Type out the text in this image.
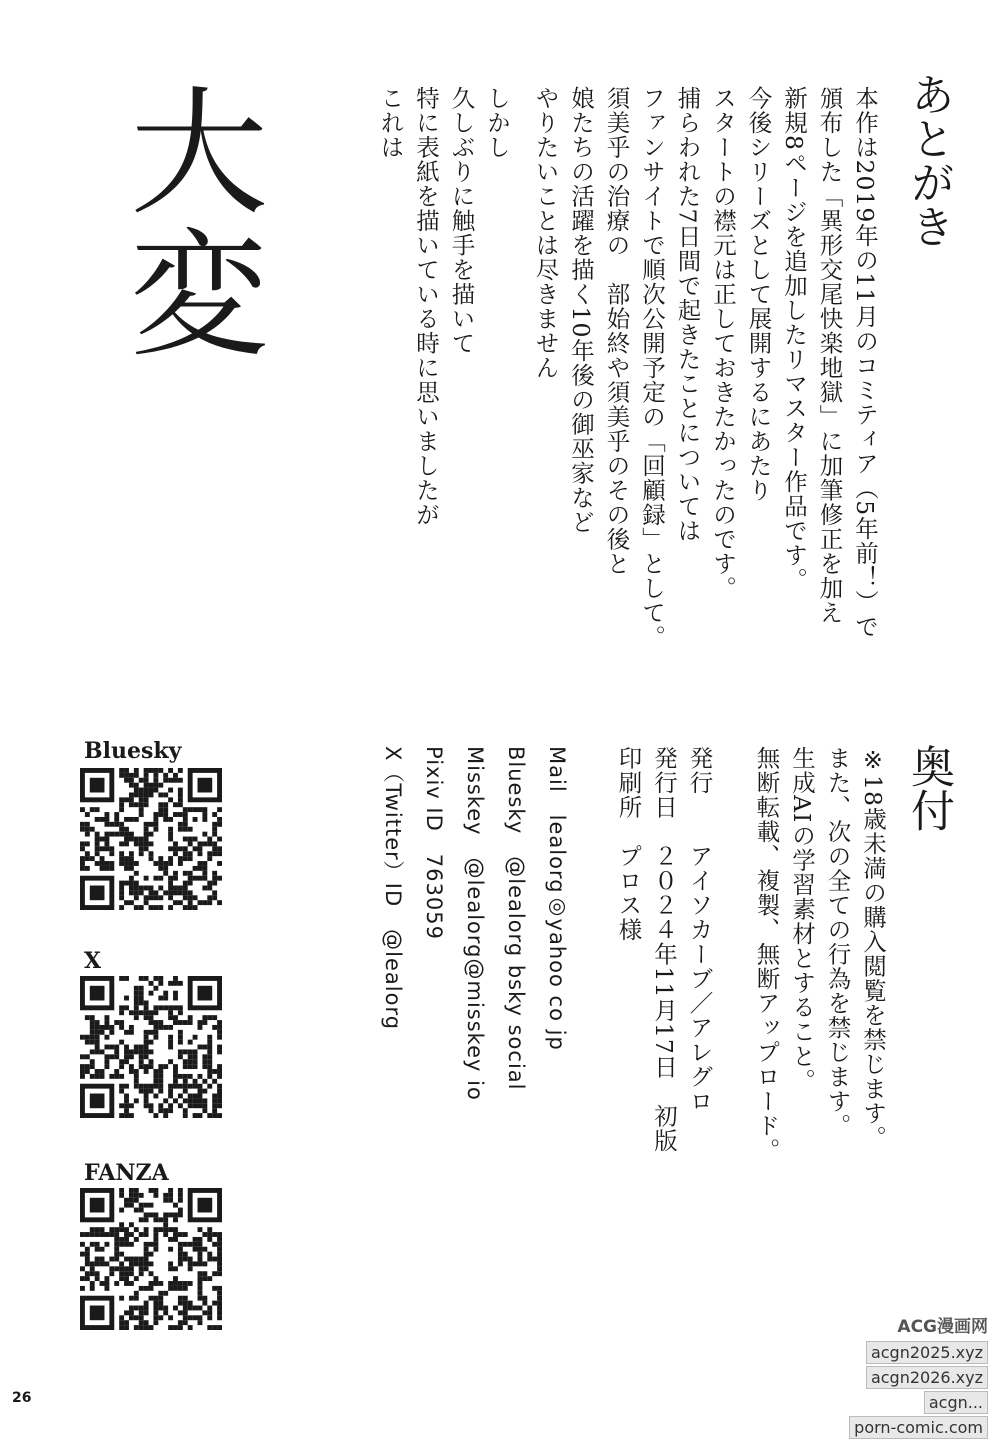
大変	あとがき
本作は2019年の11月のコミティア（5年前！）で
頒布した「異形交尾快楽地獄」に加筆修正を加え
新規8ページを追加したリマスター作品です。
今後シリーズとして展開するにあたり
スタートの襟元は正しておきたかったのです。
捕らわれた7日間で起きたことについては
ファンサイトで順次公開予定の「回顧録」として。
須美乎の治療の　部始終や須美乎のその後と
娘たちの活躍を描く10年後の御巫家など
やりたいことは尽きません
しかし
久しぶりに触手を描いて
特に表紙を描いている時に思いましたが
これは
奥付
※18歳未満の購入閲覧を禁じます。
また、次の全ての行為を禁じます。
生成AIの学習素材とすること。
無断転載、複製、無断アップロード。
発行　　アイソカーブ／アレグロ
発行日　２０２４年11月17日　初版
印刷所　プロス様
Mail　lealorg◎yahoo co jp
Bluesky　@lealorg bsky social
Misskey　@lealorg@misskey io
Pixiv ID　763059
X（Twitter）ID　@lealorg
Bluesky
X
FANZA
26
ACG漫画网
acgn2025.xyz
acgn2026.xyz
acgn...
porn-comic.com
